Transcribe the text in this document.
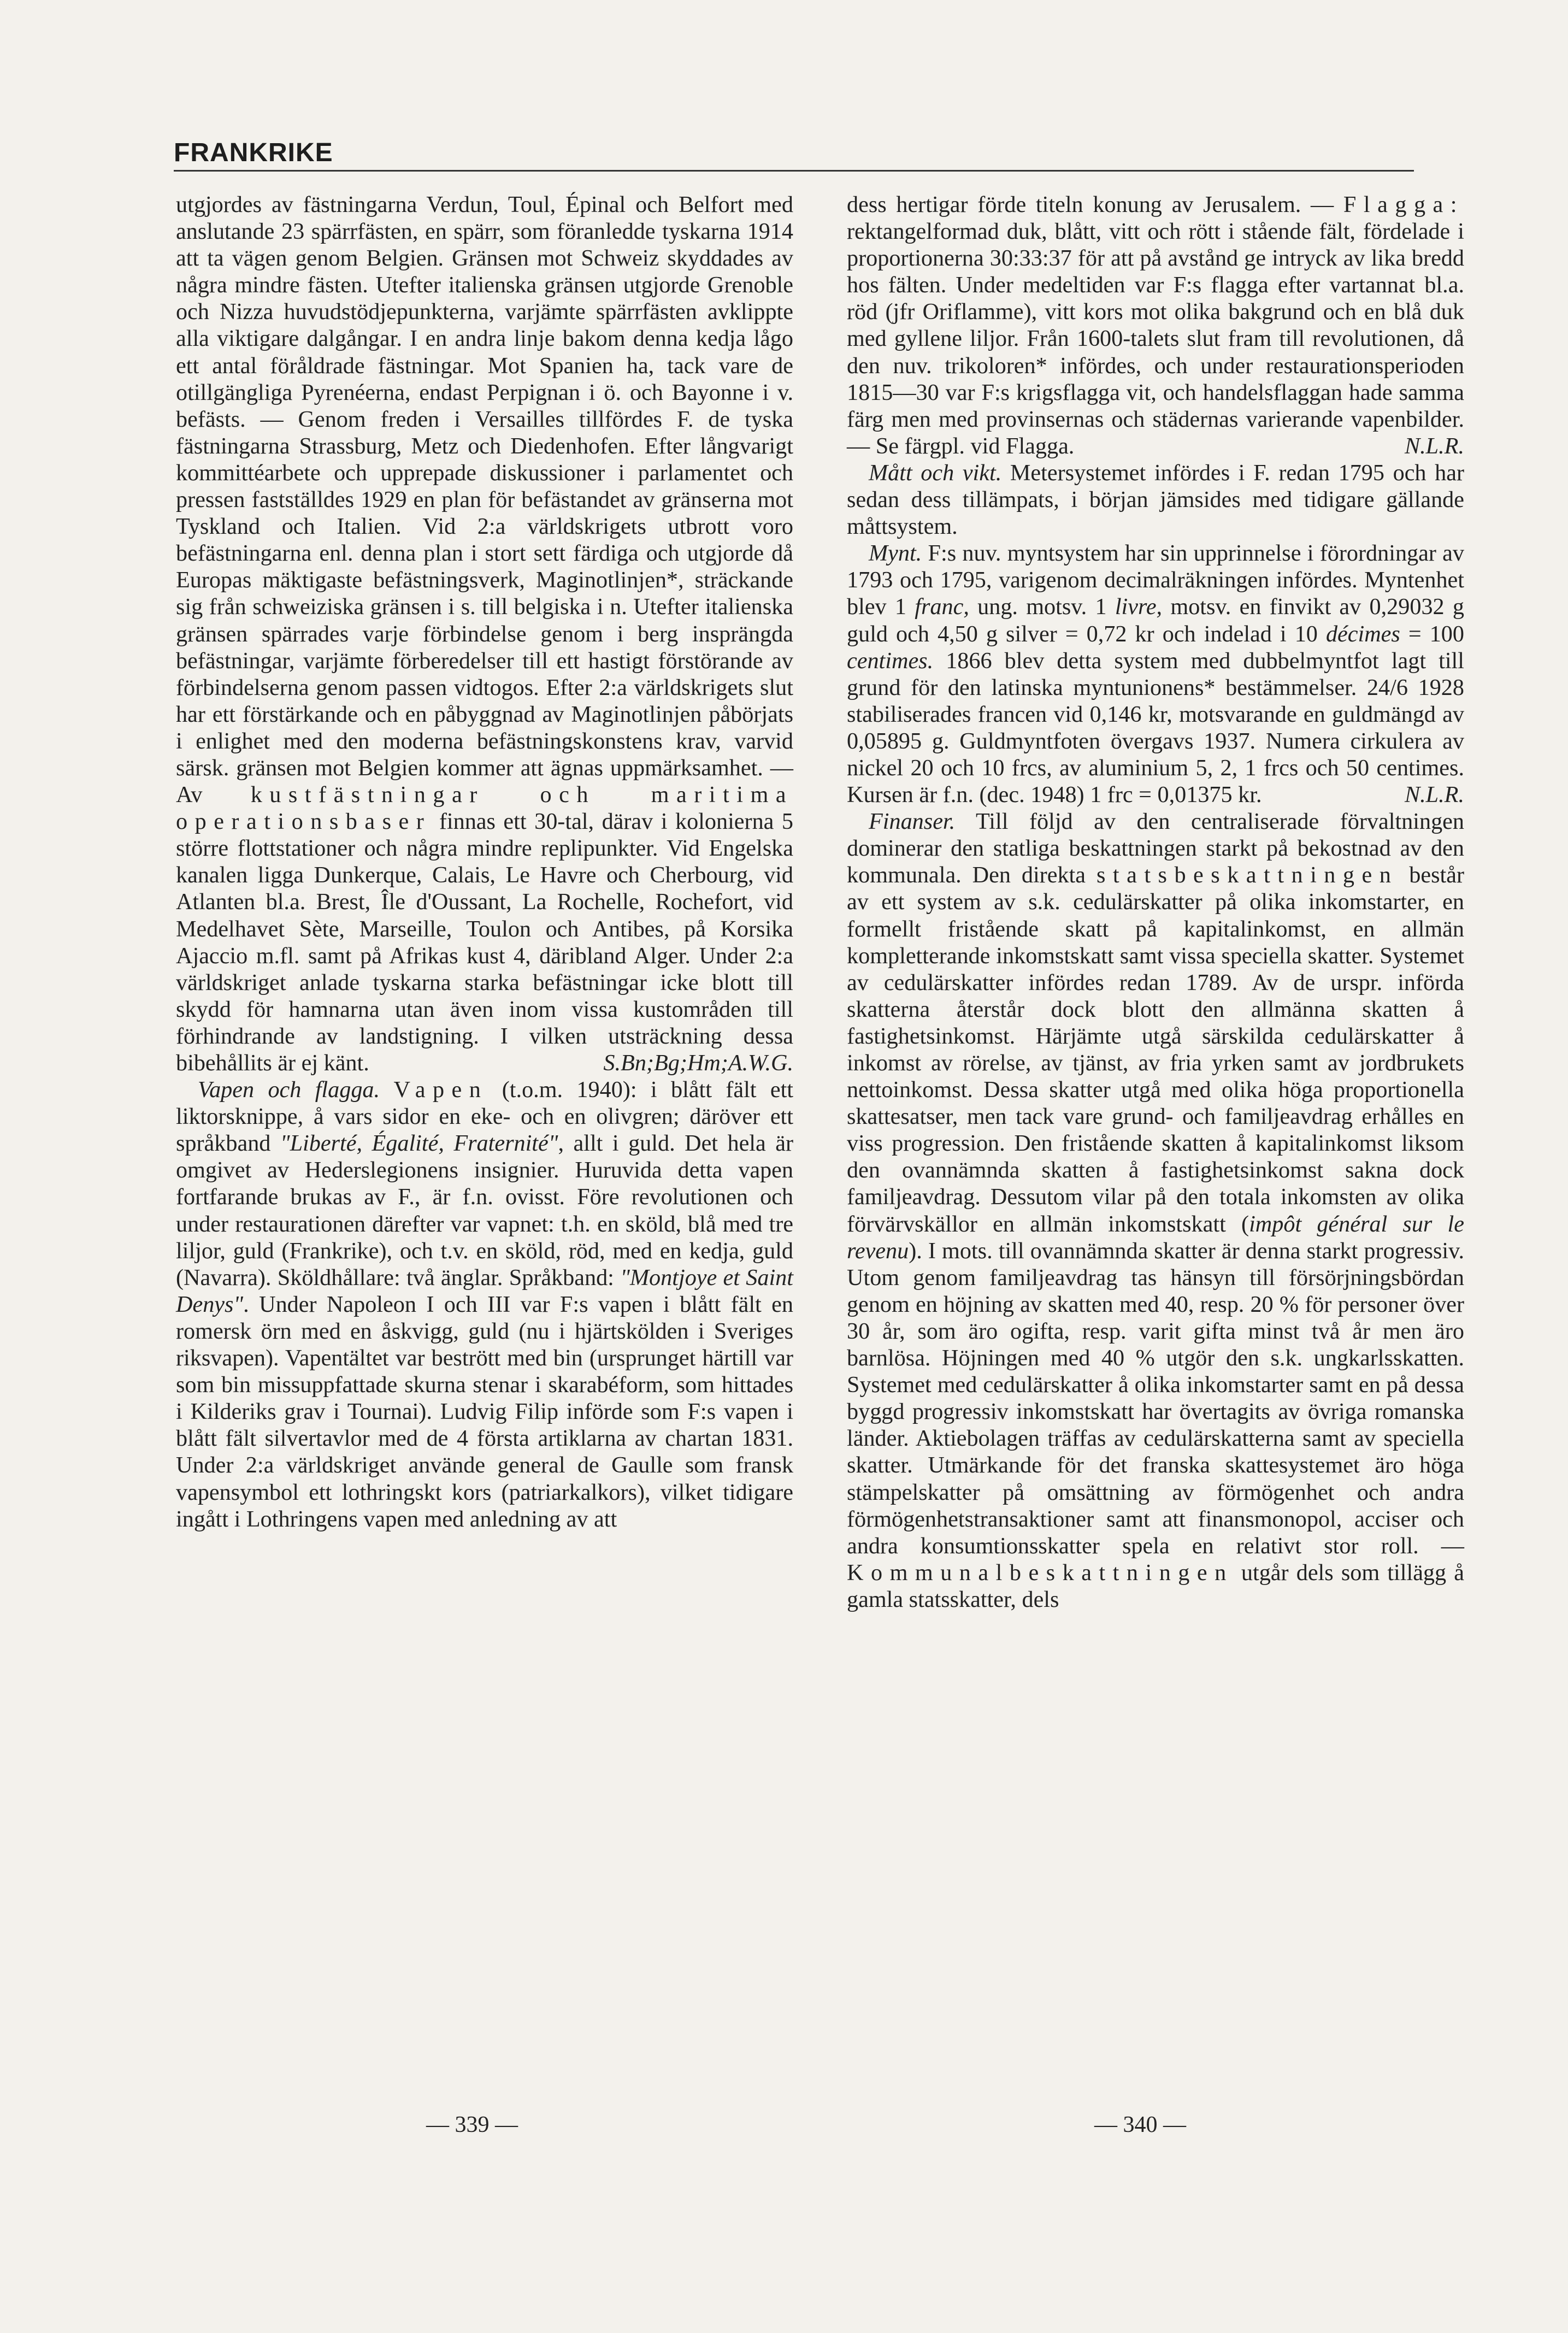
FRANKRIKE

utgjordes av fästningarna Verdun, Toul, Épinal och Belfort med anslutande 23 spärrfästen, en spärr, som föranledde tyskarna 1914 att ta vägen genom Belgien. Gränsen mot Schweiz skyddades av några mindre fästen. Utefter italienska gränsen utgjorde Grenoble och Nizza huvudstödjepunkterna, varjämte spärrfästen avklippte alla viktigare dalgångar. I en andra linje bakom denna kedja lågo ett antal föråldrade fästningar. Mot Spanien ha, tack vare de otillgängliga Pyrenéerna, endast Perpignan i ö. och Bayonne i v. befästs. — Genom freden i Versailles tillfördes F. de tyska fästningarna Strassburg, Metz och Diedenhofen. Efter långvarigt kommittéarbete och upprepade diskussioner i parlamentet och pressen fastställdes 1929 en plan för befästandet av gränserna mot Tyskland och Italien. Vid 2:a världskrigets utbrott voro befästningarna enl. denna plan i stort sett färdiga och utgjorde då Europas mäktigaste befästningsverk, Maginotlinjen*, sträckande sig från schweiziska gränsen i s. till belgiska i n. Utefter italienska gränsen spärrades varje förbindelse genom i berg insprängda befästningar, varjämte förberedelser till ett hastigt förstörande av förbindelserna genom passen vidtogos. Efter 2:a världskrigets slut har ett förstärkande och en påbyggnad av Maginotlinjen påbörjats i enlighet med den moderna befästningskonstens krav, varvid särsk. gränsen mot Belgien kommer att ägnas uppmärksamhet. — Av kustfästningar och maritima operationsbaser finnas ett 30-tal, därav i kolonierna 5 större flottstationer och några mindre replipunkter. Vid Engelska kanalen ligga Dunkerque, Calais, Le Havre och Cherbourg, vid Atlanten bl.a. Brest, Île d'Oussant, La Rochelle, Rochefort, vid Medelhavet Sète, Marseille, Toulon och Antibes, på Korsika Ajaccio m.fl. samt på Afrikas kust 4, däribland Alger. Under 2:a världskriget anlade tyskarna starka befästningar icke blott till skydd för hamnarna utan även inom vissa kustområden till förhindrande av landstigning. I vilken utsträckning dessa bibehållits är ej känt.	S.Bn;Bg;Hm;A.W.G.

Vapen och flagga. Vapen (t.o.m. 1940): i blått fält ett liktorsknippe, å vars sidor en eke- och en olivgren; däröver ett språkband "Liberté, Égalité, Fraternité", allt i guld. Det hela är omgivet av Hederslegionens insignier. Huruvida detta vapen fortfarande brukas av F., är f.n. ovisst. Före revolutionen och under restaurationen därefter var vapnet: t.h. en sköld, blå med tre liljor, guld (Frankrike), och t.v. en sköld, röd, med en kedja, guld (Navarra). Sköldhållare: två änglar. Språkband: "Montjoye et Saint Denys". Under Napoleon I och III var F:s vapen i blått fält en romersk örn med en åskvigg, guld (nu i hjärtskölden i Sveriges riksvapen). Vapentältet var bestrött med bin (ursprunget härtill var som bin missuppfattade skurna stenar i skarabéform, som hittades i Kilderiks grav i Tournai). Ludvig Filip införde som F:s vapen i blått fält silvertavlor med de 4 första artiklarna av chartan 1831. Under 2:a världskriget använde general de Gaulle som fransk vapensymbol ett lothringskt kors (patriarkalkors), vilket tidigare ingått i Lothringens vapen med anledning av att

dess hertigar förde titeln konung av Jerusalem. — Flagga: rektangelformad duk, blått, vitt och rött i stående fält, fördelade i proportionerna 30:33:37 för att på avstånd ge intryck av lika bredd hos fälten. Under medeltiden var F:s flagga efter vartannat bl.a. röd (jfr Oriflamme), vitt kors mot olika bakgrund och en blå duk med gyllene liljor. Från 1600-talets slut fram till revolutionen, då den nuv. trikoloren* infördes, och under restaurationsperioden 1815—30 var F:s krigsflagga vit, och handelsflaggan hade samma färg men med provinsernas och städernas varierande vapenbilder. — Se färgpl. vid Flagga.	N.L.R.

Mått och vikt. Metersystemet infördes i F. redan 1795 och har sedan dess tillämpats, i början jämsides med tidigare gällande måttsystem.

Mynt. F:s nuv. myntsystem har sin upprinnelse i förordningar av 1793 och 1795, varigenom decimalräkningen infördes. Myntenhet blev 1 franc, ung. motsv. 1 livre, motsv. en finvikt av 0,29032 g guld och 4,50 g silver = 0,72 kr och indelad i 10 décimes = 100 centimes. 1866 blev detta system med dubbelmyntfot lagt till grund för den latinska myntunionens* bestämmelser. 24/6 1928 stabiliserades francen vid 0,146 kr, motsvarande en guldmängd av 0,05895 g. Guldmyntfoten övergavs 1937. Numera cirkulera av nickel 20 och 10 frcs, av aluminium 5, 2, 1 frcs och 50 centimes. Kursen är f.n. (dec. 1948) 1 frc = 0,01375 kr.	N.L.R.

Finanser. Till följd av den centraliserade förvaltningen dominerar den statliga beskattningen starkt på bekostnad av den kommunala. Den direkta statsbeskattningen består av ett system av s.k. cedulärskatter på olika inkomstarter, en formellt fristående skatt på kapitalinkomst, en allmän kompletterande inkomstskatt samt vissa speciella skatter. Systemet av cedulärskatter infördes redan 1789. Av de urspr. införda skatterna återstår dock blott den allmänna skatten å fastighetsinkomst. Härjämte utgå särskilda cedulärskatter å inkomst av rörelse, av tjänst, av fria yrken samt av jordbrukets nettoinkomst. Dessa skatter utgå med olika höga proportionella skattesatser, men tack vare grund- och familjeavdrag erhålles en viss progression. Den fristående skatten å kapitalinkomst liksom den ovannämnda skatten å fastighetsinkomst sakna dock familjeavdrag. Dessutom vilar på den totala inkomsten av olika förvärvskällor en allmän inkomstskatt (impôt général sur le revenu). I mots. till ovannämnda skatter är denna starkt progressiv. Utom genom familjeavdrag tas hänsyn till försörjningsbördan genom en höjning av skatten med 40, resp. 20 % för personer över 30 år, som äro ogifta, resp. varit gifta minst två år men äro barnlösa. Höjningen med 40 % utgör den s.k. ungkarlsskatten. Systemet med cedulärskatter å olika inkomstarter samt en på dessa byggd progressiv inkomstskatt har övertagits av övriga romanska länder. Aktiebolagen träffas av cedulärskatterna samt av speciella skatter. Utmärkande för det franska skattesystemet äro höga stämpelskatter på omsättning av förmögenhet och andra förmögenhetstransaktioner samt att finansmonopol, acciser och andra konsumtionsskatter spela en relativt stor roll. — Kommunalbeskattningen utgår dels som tillägg å gamla statsskatter, dels

— 339 —	— 340 —
